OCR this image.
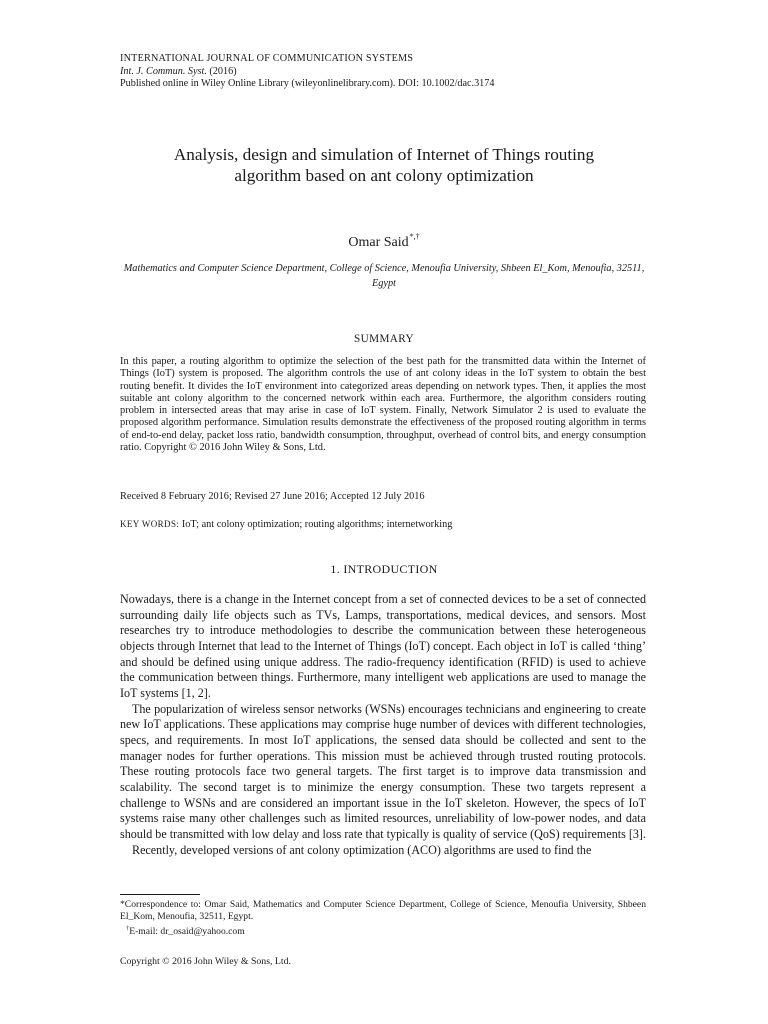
INTERNATIONAL JOURNAL OF COMMUNICATION SYSTEMS
Int. J. Commun. Syst. (2016)
Published online in Wiley Online Library (wileyonlinelibrary.com). DOI: 10.1002/dac.3174
Analysis, design and simulation of Internet of Things routing
algorithm based on ant colony optimization
Omar Said*,†
Mathematics and Computer Science Department, College of Science, Menoufia University, Shbeen El_Kom, Menoufia, 32511, Egypt
SUMMARY
In this paper, a routing algorithm to optimize the selection of the best path for the transmitted data within the Internet of Things (IoT) system is proposed. The algorithm controls the use of ant colony ideas in the IoT system to obtain the best routing benefit. It divides the IoT environment into categorized areas depending on network types. Then, it applies the most suitable ant colony algorithm to the concerned network within each area. Furthermore, the algorithm considers routing problem in intersected areas that may arise in case of IoT system. Finally, Network Simulator 2 is used to evaluate the proposed algorithm performance. Simulation results demonstrate the effectiveness of the proposed routing algorithm in terms of end-to-end delay, packet loss ratio, bandwidth consumption, throughput, overhead of control bits, and energy consumption ratio. Copyright © 2016 John Wiley & Sons, Ltd.
Received 8 February 2016; Revised 27 June 2016; Accepted 12 July 2016
KEY WORDS: IoT; ant colony optimization; routing algorithms; internetworking
1. INTRODUCTION

Nowadays, there is a change in the Internet concept from a set of connected devices to be a set of connected surrounding daily life objects such as TVs, Lamps, transportations, medical devices, and sensors. Most researches try to introduce methodologies to describe the communication between these heterogeneous objects through Internet that lead to the Internet of Things (IoT) concept. Each object in IoT is called ‘thing’ and should be defined using unique address. The radio-frequency identification (RFID) is used to achieve the communication between things. Furthermore, many intelligent web applications are used to manage the IoT systems [1, 2].

The popularization of wireless sensor networks (WSNs) encourages technicians and engineering to create new IoT applications. These applications may comprise huge number of devices with different technologies, specs, and requirements. In most IoT applications, the sensed data should be collected and sent to the manager nodes for further operations. This mission must be achieved through trusted routing protocols. These routing protocols face two general targets. The first target is to improve data transmission and scalability. The second target is to minimize the energy consumption. These two targets represent a challenge to WSNs and are considered an important issue in the IoT skeleton. However, the specs of IoT systems raise many other challenges such as limited resources, unreliability of low-power nodes, and data should be transmitted with low delay and loss rate that typically is quality of service (QoS) requirements [3].

Recently, developed versions of ant colony optimization (ACO) algorithms are used to find the

*Correspondence to: Omar Said, Mathematics and Computer Science Department, College of Science, Menoufia University, Shbeen El_Kom, Menoufia, 32511, Egypt.

†E-mail: dr_osaid@yahoo.com

Copyright © 2016 John Wiley & Sons, Ltd.
